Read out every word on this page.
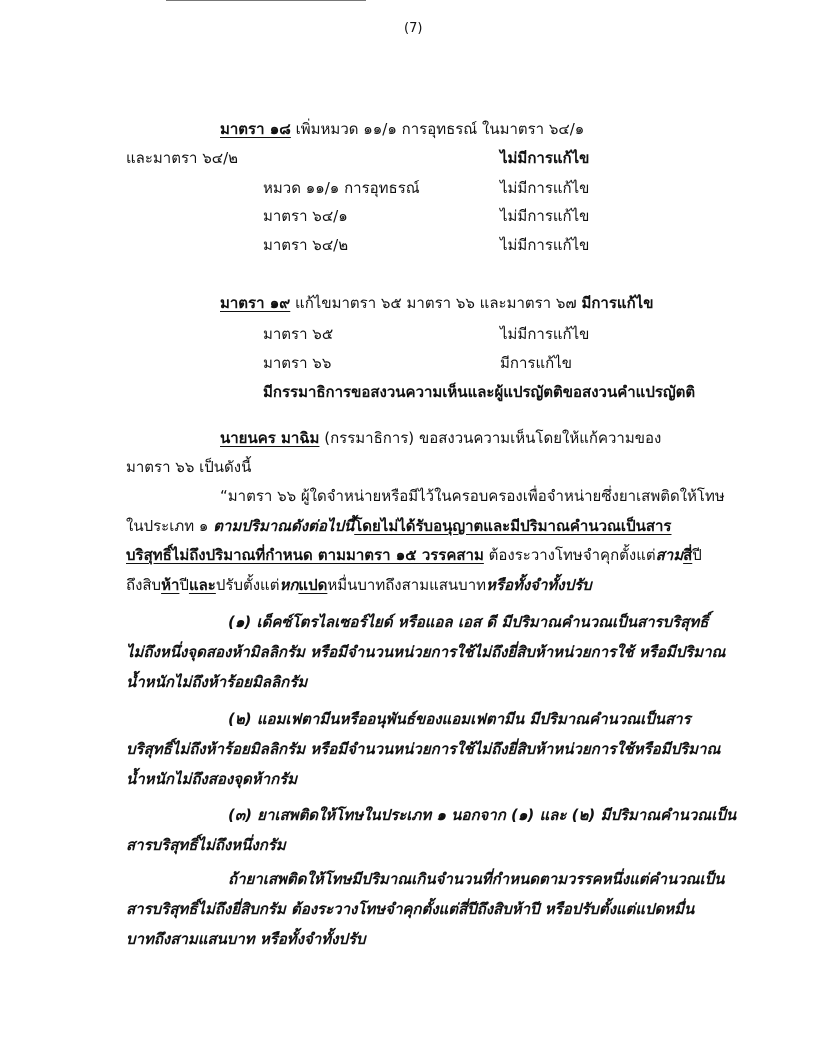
(7)
มาตรา ๑๘ เพิ่มหมวด ๑๑/๑ การอุทธรณ์ ในมาตรา ๖๔/๑
และมาตรา ๖๔/๒	ไม่มีการแก้ไข
หมวด ๑๑/๑ การอุทธรณ์	ไม่มีการแก้ไข
มาตรา ๖๔/๑	ไม่มีการแก้ไข
มาตรา ๖๔/๒	ไม่มีการแก้ไข
มาตรา ๑๙ แก้ไขมาตรา ๖๕ มาตรา ๖๖ และมาตรา ๖๗ มีการแก้ไข
มาตรา ๖๕	ไม่มีการแก้ไข
มาตรา ๖๖	มีการแก้ไข
มีกรรมาธิการขอสงวนความเห็นและผู้แปรญัตติขอสงวนคำแปรญัตติ
นายนคร มาฉิม (กรรมาธิการ) ขอสงวนความเห็นโดยให้แก้ความของ
มาตรา ๖๖ เป็นดังนี้
“มาตรา ๖๖ ผู้ใดจำหน่ายหรือมีไว้ในครอบครองเพื่อจำหน่ายซึ่งยาเสพติดให้โทษ
ในประเภท ๑ ตามปริมาณดังต่อไปนี้โดยไม่ได้รับอนุญาตและมีปริมาณคำนวณเป็นสาร
บริสุทธิ์ไม่ถึงปริมาณที่กำหนด ตามมาตรา ๑๕ วรรคสาม ต้องระวางโทษจำคุกตั้งแต่สามสี่ปี
ถึงสิบห้าปีและปรับตั้งแต่หกแปดหมื่นบาทถึงสามแสนบาทหรือทั้งจำทั้งปรับ
(๑) เด็คซ์โตรไลเซอร์ไยด์ หรือแอล เอส ดี มีปริมาณคำนวณเป็นสารบริสุทธิ์
ไม่ถึงหนึ่งจุดสองห้ามิลลิกรัม หรือมีจำนวนหน่วยการใช้ไม่ถึงยี่สิบห้าหน่วยการใช้ หรือมีปริมาณ
น้ำหนักไม่ถึงห้าร้อยมิลลิกรัม
(๒) แอมเฟตามีนหรืออนุพันธ์ของแอมเฟตามีน มีปริมาณคำนวณเป็นสาร
บริสุทธิ์ไม่ถึงห้าร้อยมิลลิกรัม หรือมีจำนวนหน่วยการใช้ไม่ถึงยี่สิบห้าหน่วยการใช้หรือมีปริมาณ
น้ำหนักไม่ถึงสองจุดห้ากรัม
(๓) ยาเสพติดให้โทษในประเภท ๑ นอกจาก (๑) และ (๒) มีปริมาณคำนวณเป็น
สารบริสุทธิ์ไม่ถึงหนึ่งกรัม
ถ้ายาเสพติดให้โทษมีปริมาณเกินจำนวนที่กำหนดตามวรรคหนึ่งแต่คำนวณเป็น
สารบริสุทธิ์ไม่ถึงยี่สิบกรัม ต้องระวางโทษจำคุกตั้งแต่สี่ปีถึงสิบห้าปี หรือปรับตั้งแต่แปดหมื่น
บาทถึงสามแสนบาท หรือทั้งจำทั้งปรับ
